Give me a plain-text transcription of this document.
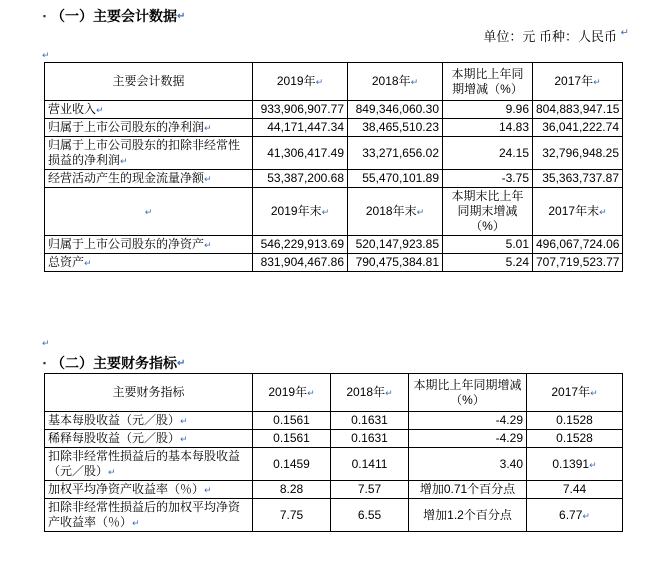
▪ （一）主要会计数据 ↵
单位：元 币种：人民币 ↵
↵
主要会计数据	2019年↵	2018年↵	本期比上年同期增减（%）	2017年↵
营业收入↵	933,906,907.77	849,346,060.30	9.96	804,883,947.15
归属于上市公司股东的净利润↵	44,171,447.34	38,465,510.23	14.83	36,041,222.74
归属于上市公司股东的扣除非经常性损益的净利润↵	41,306,417.49	33,271,656.02	24.15	32,796,948.25
经营活动产生的现金流量净额↵	53,387,200.68	55,470,101.89	-3.75	35,363,737.87
↵	2019年末↵	2018年末↵	本期末比上年同期末增减（%）	2017年末↵
归属于上市公司股东的净资产↵	546,229,913.69	520,147,923.85	5.01	496,067,724.06
总资产↵	831,904,467.86	790,475,384.81	5.24	707,719,523.77
↵
▪ （二）主要财务指标 ↵
主要财务指标	2019年↵	2018年↵	本期比上年同期增减（%）	2017年↵
基本每股收益（元／股）↵	0.1561	0.1631	-4.29	0.1528
稀释每股收益（元／股）↵	0.1561	0.1631	-4.29	0.1528
扣除非经常性损益后的基本每股收益（元／股）↵	0.1459	0.1411	3.40	0.1391↵
加权平均净资产收益率（％）↵	8.28	7.57	增加0.71个百分点	7.44
扣除非经常性损益后的加权平均净资产收益率（％）↵	7.75	6.55	增加1.2个百分点	6.77↵
